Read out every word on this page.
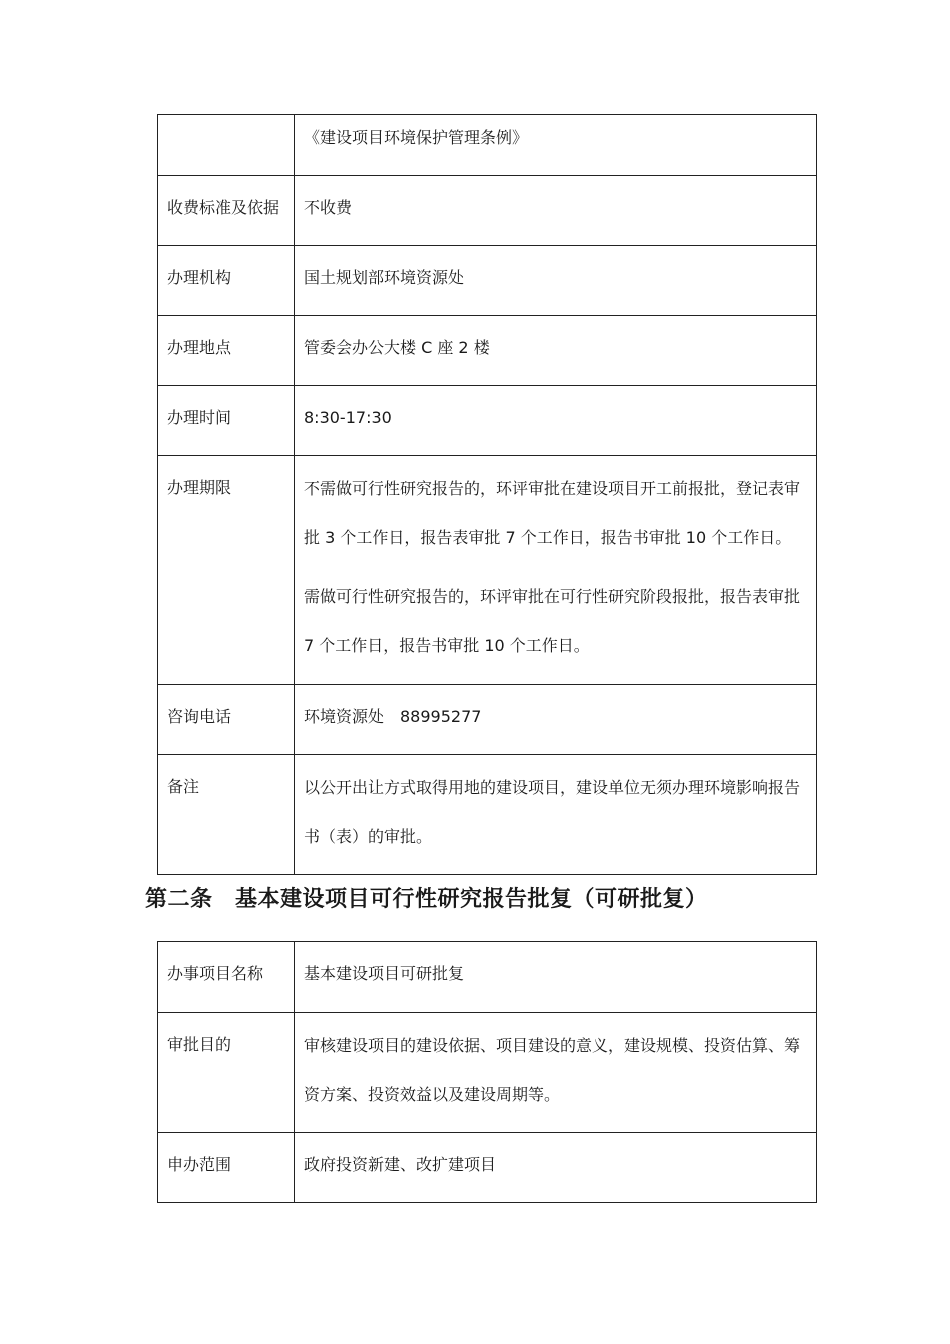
	《建设项目环境保护管理条例》

收费标准及依据	不收费

办理机构	国土规划部环境资源处

办理地点	管委会办公大楼 C 座 2 楼

办理时间	8:30-17:30

办理期限	不需做可行性研究报告的，环评审批在建设项目开工前报批，登记表审批 3 个工作日，报告表审批 7 个工作日，报告书审批 10 个工作日。
需做可行性研究报告的，环评审批在可行性研究阶段报批，报告表审批 7 个工作日，报告书审批 10 个工作日。

咨询电话	环境资源处　88995277

备注	以公开出让方式取得用地的建设项目，建设单位无须办理环境影响报告书（表）的审批。
第二条　基本建设项目可行性研究报告批复（可研批复）
办事项目名称	基本建设项目可研批复

审批目的	审核建设项目的建设依据、项目建设的意义，建设规模、投资估算、筹资方案、投资效益以及建设周期等。

申办范围	政府投资新建、改扩建项目
